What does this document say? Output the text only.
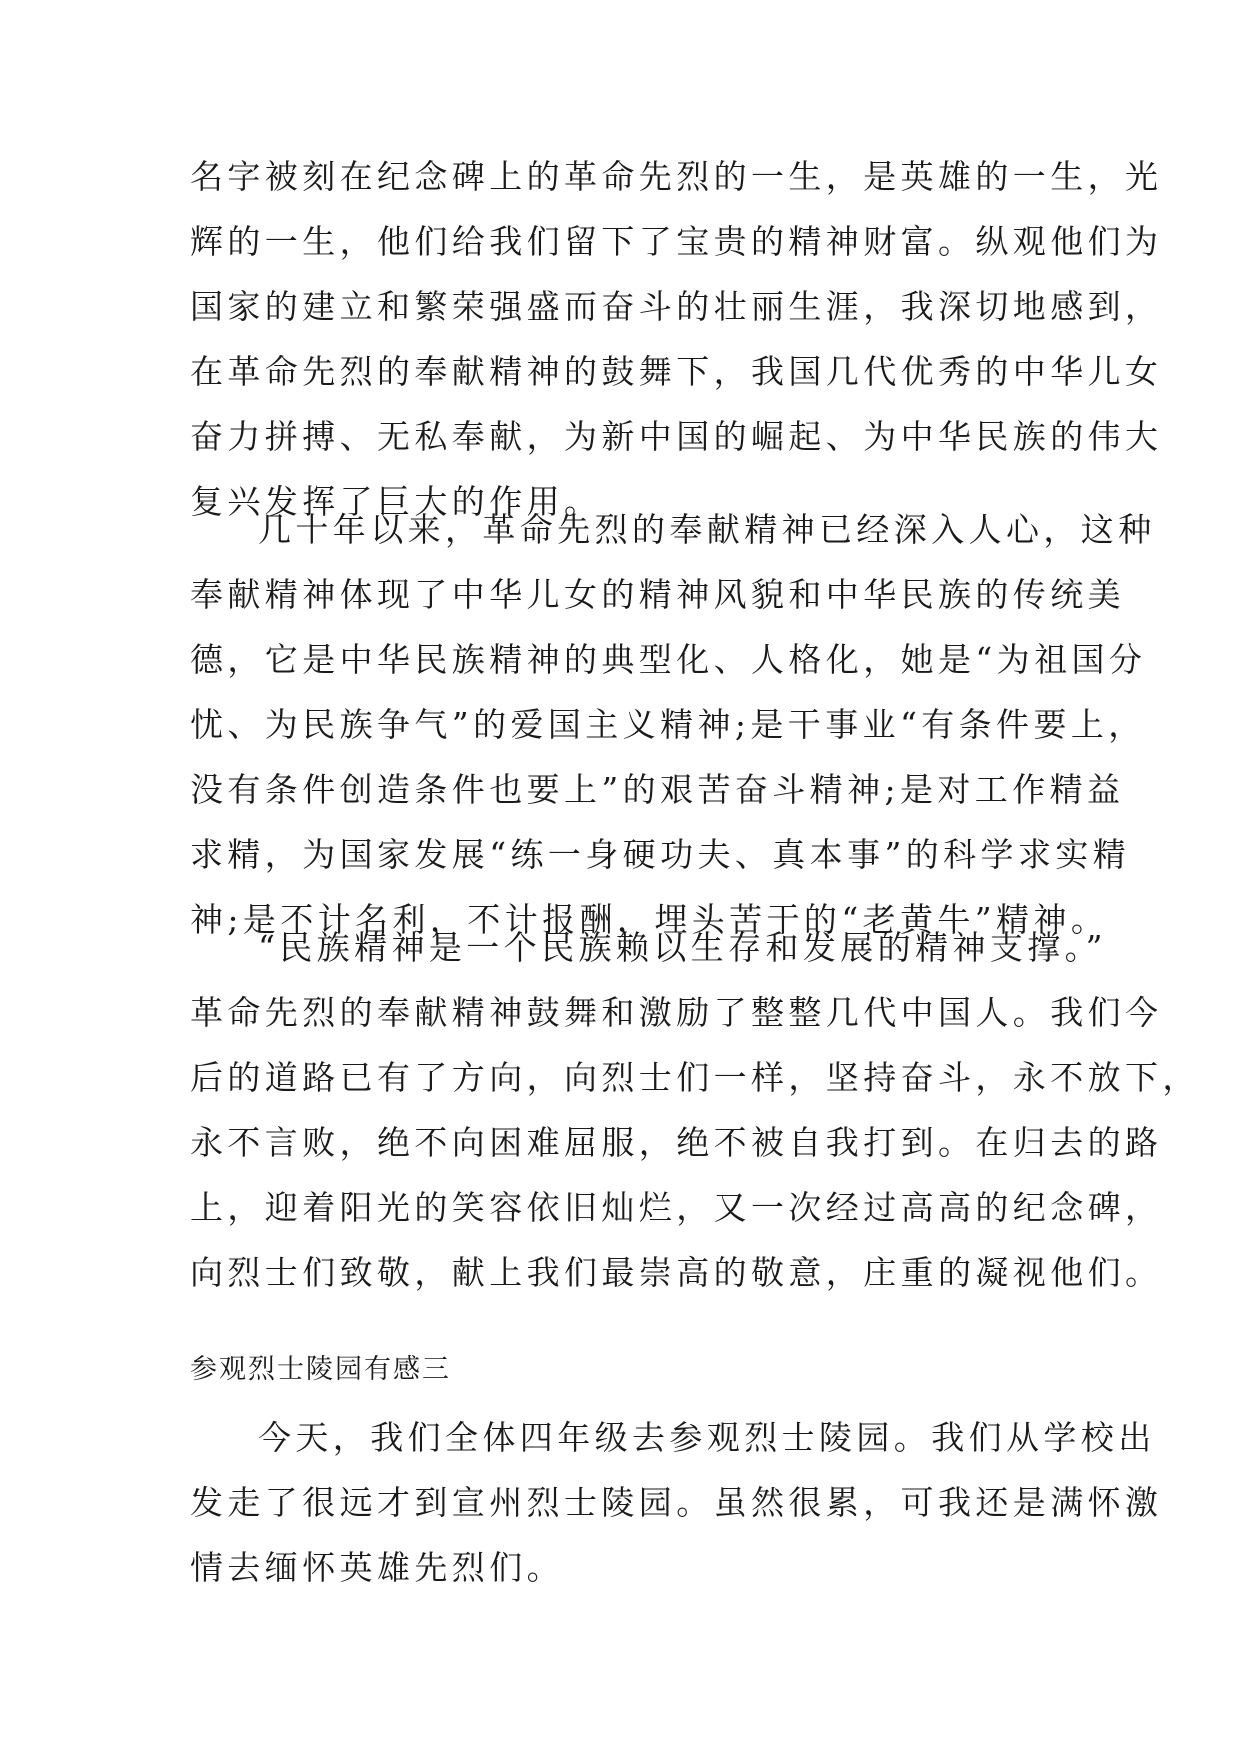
名字被刻在纪念碑上的革命先烈的一生，是英雄的一生，光
辉的一生，他们给我们留下了宝贵的精神财富。纵观他们为
国家的建立和繁荣强盛而奋斗的壮丽生涯，我深切地感到，
在革命先烈的奉献精神的鼓舞下，我国几代优秀的中华儿女
奋力拼搏、无私奉献，为新中国的崛起、为中华民族的伟大
复兴发挥了巨大的作用。
几十年以来，革命先烈的奉献精神已经深入人心，这种
奉献精神体现了中华儿女的精神风貌和中华民族的传统美
德，它是中华民族精神的典型化、人格化，她是“为祖国分
忧、为民族争气”的爱国主义精神;是干事业“有条件要上，
没有条件创造条件也要上”的艰苦奋斗精神;是对工作精益
求精，为国家发展“练一身硬功夫、真本事”的科学求实精
神;是不计名利，不计报酬，埋头苦干的“老黄牛”精神。
“民族精神是一个民族赖以生存和发展的精神支撑。”
革命先烈的奉献精神鼓舞和激励了整整几代中国人。我们今
后的道路已有了方向，向烈士们一样，坚持奋斗，永不放下，
永不言败，绝不向困难屈服，绝不被自我打到。在归去的路
上，迎着阳光的笑容依旧灿烂，又一次经过高高的纪念碑，
向烈士们致敬，献上我们最崇高的敬意，庄重的凝视他们。
参观烈士陵园有感三
今天，我们全体四年级去参观烈士陵园。我们从学校出
发走了很远才到宣州烈士陵园。虽然很累，可我还是满怀激
情去缅怀英雄先烈们。
